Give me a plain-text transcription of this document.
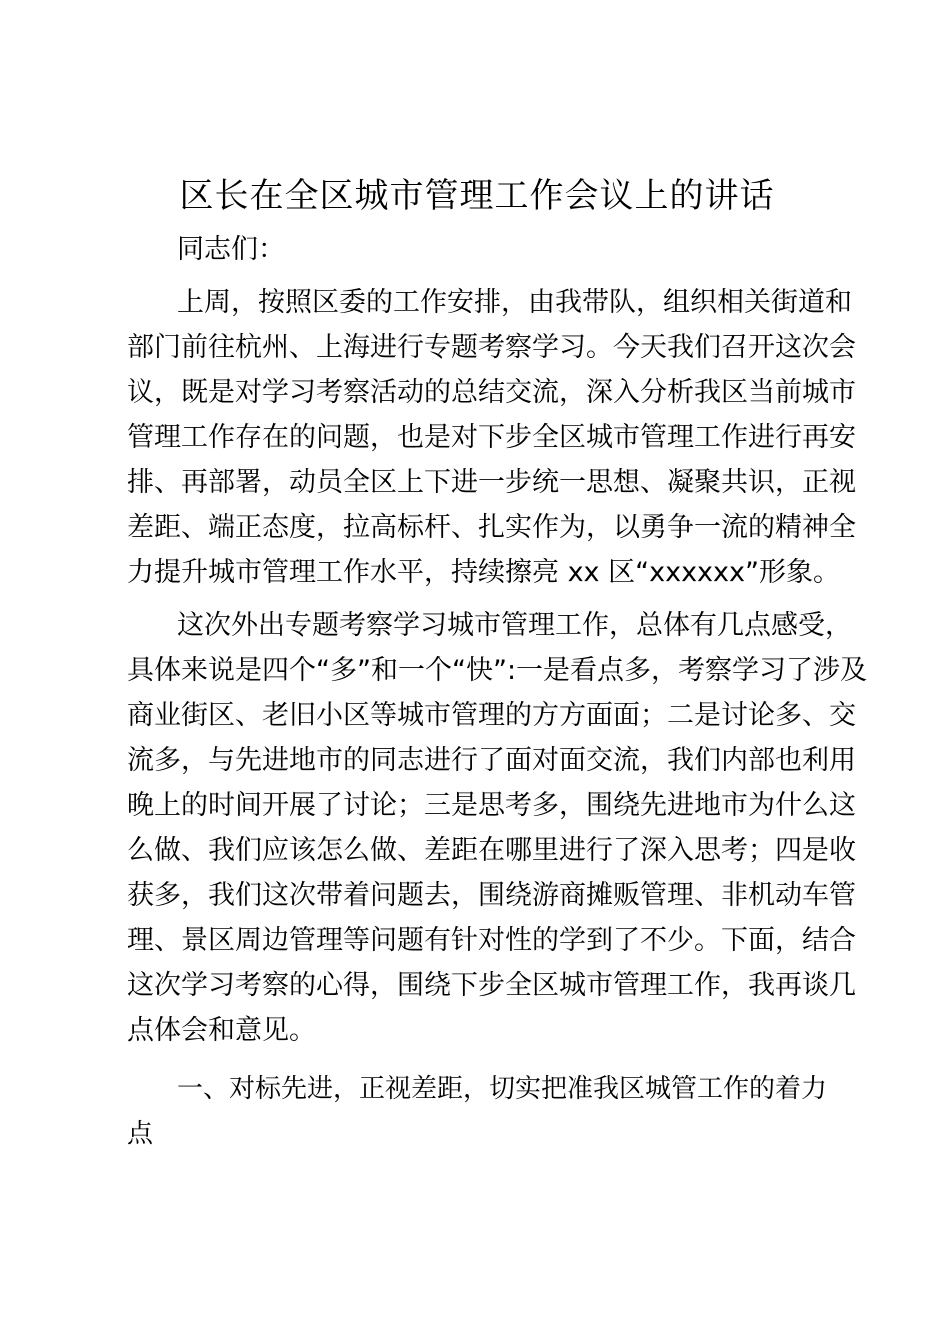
区长在全区城市管理工作会议上的讲话

同志们：

上周，按照区委的工作安排，由我带队，组织相关街道和
部门前往杭州、上海进行专题考察学习。今天我们召开这次会
议，既是对学习考察活动的总结交流，深入分析我区当前城市
管理工作存在的问题，也是对下步全区城市管理工作进行再安
排、再部署，动员全区上下进一步统一思想、凝聚共识，正视
差距、端正态度，拉高标杆、扎实作为，以勇争一流的精神全
力提升城市管理工作水平，持续擦亮 xx 区“xxxxxx”形象。
这次外出专题考察学习城市管理工作，总体有几点感受，
具体来说是四个“多”和一个“快”:一是看点多，考察学习了涉及
商业街区、老旧小区等城市管理的方方面面；二是讨论多、交
流多，与先进地市的同志进行了面对面交流，我们内部也利用
晚上的时间开展了讨论；三是思考多，围绕先进地市为什么这
么做、我们应该怎么做、差距在哪里进行了深入思考；四是收
获多，我们这次带着问题去，围绕游商摊贩管理、非机动车管
理、景区周边管理等问题有针对性的学到了不少。下面，结合
这次学习考察的心得，围绕下步全区城市管理工作，我再谈几
点体会和意见。
一、对标先进，正视差距，切实把准我区城管工作的着力
点
